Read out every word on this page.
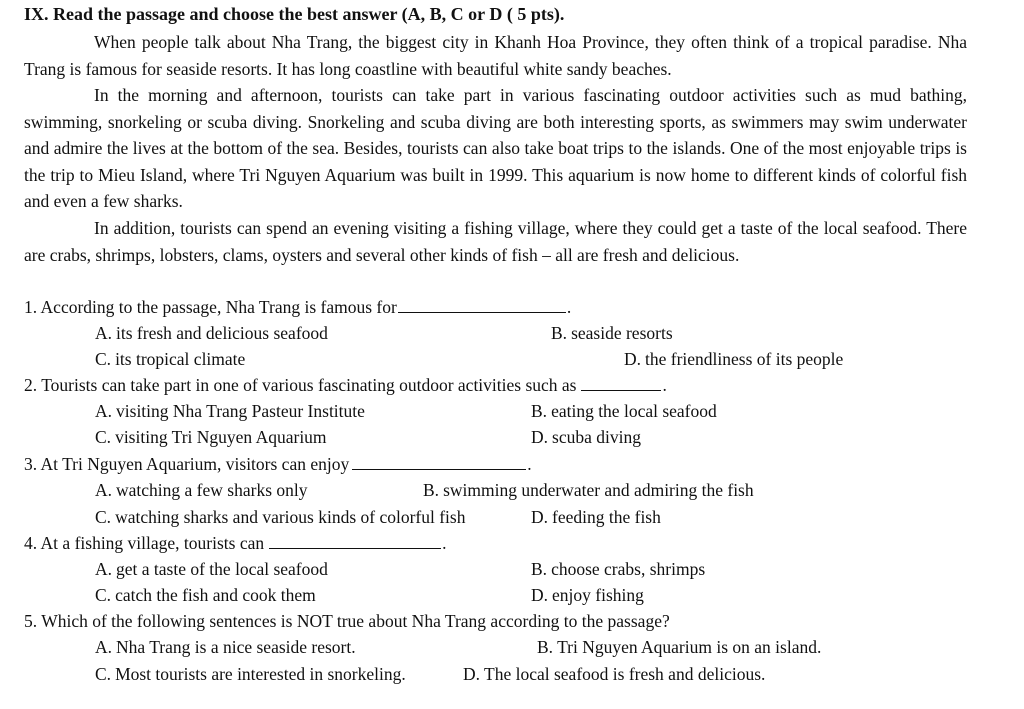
IX. Read the passage and choose the best answer (A, B, C or D ( 5 pts).

When people talk about Nha Trang, the biggest city in Khanh Hoa Province, they often think of a tropical paradise. Nha Trang is famous for seaside resorts. It has long coastline with beautiful white sandy beaches.

In the morning and afternoon, tourists can take part in various fascinating outdoor activities such as mud bathing, swimming, snorkeling or scuba diving. Snorkeling and scuba diving are both interesting sports, as swimmers may swim underwater and admire the lives at the bottom of the sea. Besides, tourists can also take boat trips to the islands. One of the most enjoyable trips is the trip to Mieu Island, where Tri Nguyen Aquarium was built in 1999. This aquarium is now home to different kinds of colorful fish and even a few sharks.

In addition, tourists can spend an evening visiting a fishing village, where they could get a taste of the local seafood. There are crabs, shrimps, lobsters, clams, oysters and several other kinds of fish – all are fresh and delicious.

1. According to the passage, Nha Trang is famous for	.
A. its fresh and delicious seafood	B. seaside resorts
C. its tropical climate	D. the friendliness of its people
2. Tourists can take part in one of various fascinating outdoor activities such as	.
A. visiting Nha Trang Pasteur Institute	B. eating the local seafood
C. visiting Tri Nguyen Aquarium	D. scuba diving
3. At Tri Nguyen Aquarium, visitors can enjoy	.
A. watching a few sharks only	B. swimming underwater and admiring the fish
C. watching sharks and various kinds of colorful fish	D. feeding the fish
4. At a fishing village, tourists can	.
A. get a taste of the local seafood	B. choose crabs, shrimps
C. catch the fish and cook them	D. enjoy fishing
5. Which of the following sentences is NOT true about Nha Trang according to the passage?
A. Nha Trang is a nice seaside resort.	B. Tri Nguyen Aquarium is on an island.
C. Most tourists are interested in snorkeling.	D. The local seafood is fresh and delicious.
